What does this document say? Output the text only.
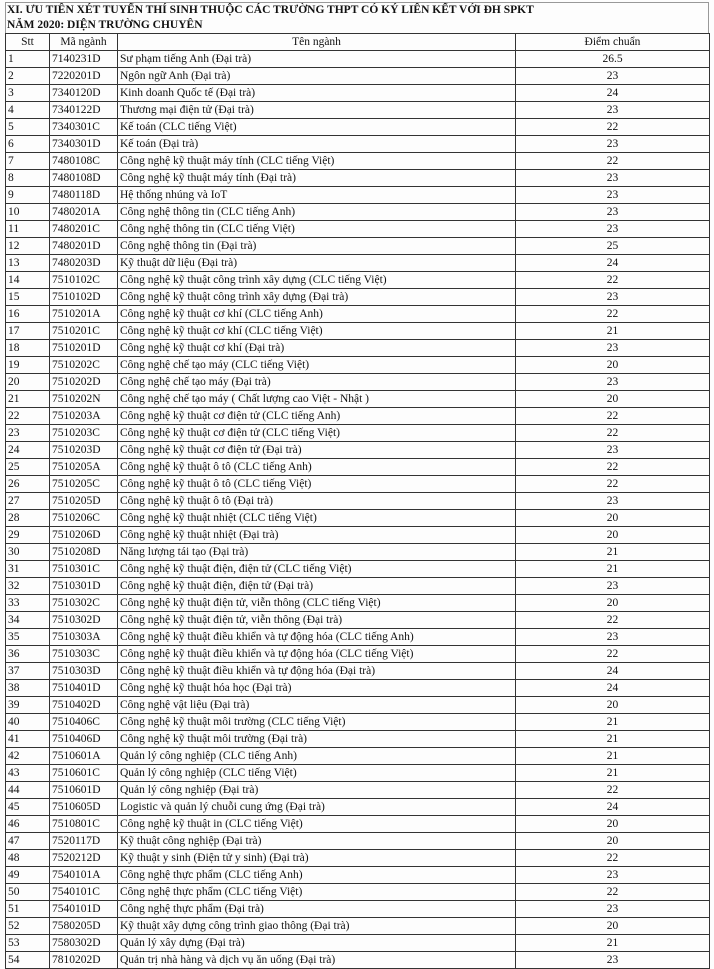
XI. ƯU TIÊN XÉT TUYỂN THÍ SINH THUỘC CÁC TRƯỜNG THPT CÓ KÝ LIÊN KẾT VỚI ĐH SPKT
NĂM 2020: DIỆN TRƯỜNG CHUYÊN
Stt	Mã ngành	Tên ngành	Điểm chuẩn
1	7140231D	Sư phạm tiếng Anh (Đại trà)	26.5
2	7220201D	Ngôn ngữ Anh (Đại trà)	23
3	7340120D	Kinh doanh Quốc tế (Đại trà)	24
4	7340122D	Thương mại điện tử (Đại trà)	23
5	7340301C	Kế toán (CLC tiếng Việt)	22
6	7340301D	Kế toán (Đại trà)	23
7	7480108C	Công nghệ kỹ thuật máy tính (CLC tiếng Việt)	22
8	7480108D	Công nghệ kỹ thuật máy tính (Đại trà)	23
9	7480118D	Hệ thống nhúng và IoT	23
10	7480201A	Công nghệ thông tin (CLC tiếng Anh)	23
11	7480201C	Công nghệ thông tin (CLC tiếng Việt)	23
12	7480201D	Công nghệ thông tin (Đại trà)	25
13	7480203D	Kỹ thuật dữ liệu (Đại trà)	24
14	7510102C	Công nghệ kỹ thuật công trình xây dựng (CLC tiếng Việt)	22
15	7510102D	Công nghệ kỹ thuật công trình xây dựng (Đại trà)	23
16	7510201A	Công nghệ kỹ thuật cơ khí (CLC tiếng Anh)	22
17	7510201C	Công nghệ kỹ thuật cơ khí (CLC tiếng Việt)	21
18	7510201D	Công nghệ kỹ thuật cơ khí (Đại trà)	23
19	7510202C	Công nghệ chế tạo máy (CLC tiếng Việt)	20
20	7510202D	Công nghệ chế tạo máy (Đại trà)	23
21	7510202N	Công nghệ chế tạo máy ( Chất lượng cao Việt - Nhật )	20
22	7510203A	Công nghệ kỹ thuật cơ điện tử (CLC tiếng Anh)	22
23	7510203C	Công nghệ kỹ thuật cơ điện tử (CLC tiếng Việt)	22
24	7510203D	Công nghệ kỹ thuật cơ điện tử (Đại trà)	23
25	7510205A	Công nghệ kỹ thuật ô tô (CLC tiếng Anh)	22
26	7510205C	Công nghệ kỹ thuật ô tô (CLC tiếng Việt)	22
27	7510205D	Công nghệ kỹ thuật ô tô (Đại trà)	23
28	7510206C	Công nghệ kỹ thuật nhiệt (CLC tiếng Việt)	20
29	7510206D	Công nghệ kỹ thuật nhiệt (Đại trà)	20
30	7510208D	Năng lượng tái tạo (Đại trà)	21
31	7510301C	Công nghệ kỹ thuật điện, điện tử (CLC tiếng Việt)	21
32	7510301D	Công nghệ kỹ thuật điện, điện tử (Đại trà)	23
33	7510302C	Công nghệ kỹ thuật điện tử, viễn thông (CLC tiếng Việt)	20
34	7510302D	Công nghệ kỹ thuật điện tử, viễn thông (Đại trà)	22
35	7510303A	Công nghệ kỹ thuật điều khiển và tự động hóa (CLC tiếng Anh)	23
36	7510303C	Công nghệ kỹ thuật điều khiển và tự động hóa (CLC tiếng Việt)	22
37	7510303D	Công nghệ kỹ thuật điều khiển và tự động hóa (Đại trà)	24
38	7510401D	Công nghệ kỹ thuật hóa học (Đại trà)	24
39	7510402D	Công nghệ vật liệu (Đại trà)	20
40	7510406C	Công nghệ kỹ thuật môi trường (CLC tiếng Việt)	21
41	7510406D	Công nghệ kỹ thuật môi trường (Đại trà)	21
42	7510601A	Quản lý công nghiệp (CLC tiếng Anh)	21
43	7510601C	Quản lý công nghiệp (CLC tiếng Việt)	21
44	7510601D	Quản lý công nghiệp (Đại trà)	22
45	7510605D	Logistic và quản lý chuỗi cung ứng (Đại trà)	24
46	7510801C	Công nghệ kỹ thuật in (CLC tiếng Việt)	20
47	7520117D	Kỹ thuật công nghiệp (Đại trà)	20
48	7520212D	Kỹ thuật y sinh (Điện tử y sinh) (Đại trà)	22
49	7540101A	Công nghệ thực phẩm (CLC tiếng Anh)	23
50	7540101C	Công nghệ thực phẩm (CLC tiếng Việt)	22
51	7540101D	Công nghệ thực phẩm (Đại trà)	23
52	7580205D	Kỹ thuật xây dựng công trình giao thông (Đại trà)	20
53	7580302D	Quản lý xây dựng (Đại trà)	21
54	7810202D	Quản trị nhà hàng và dịch vụ ăn uống (Đại trà)	23
